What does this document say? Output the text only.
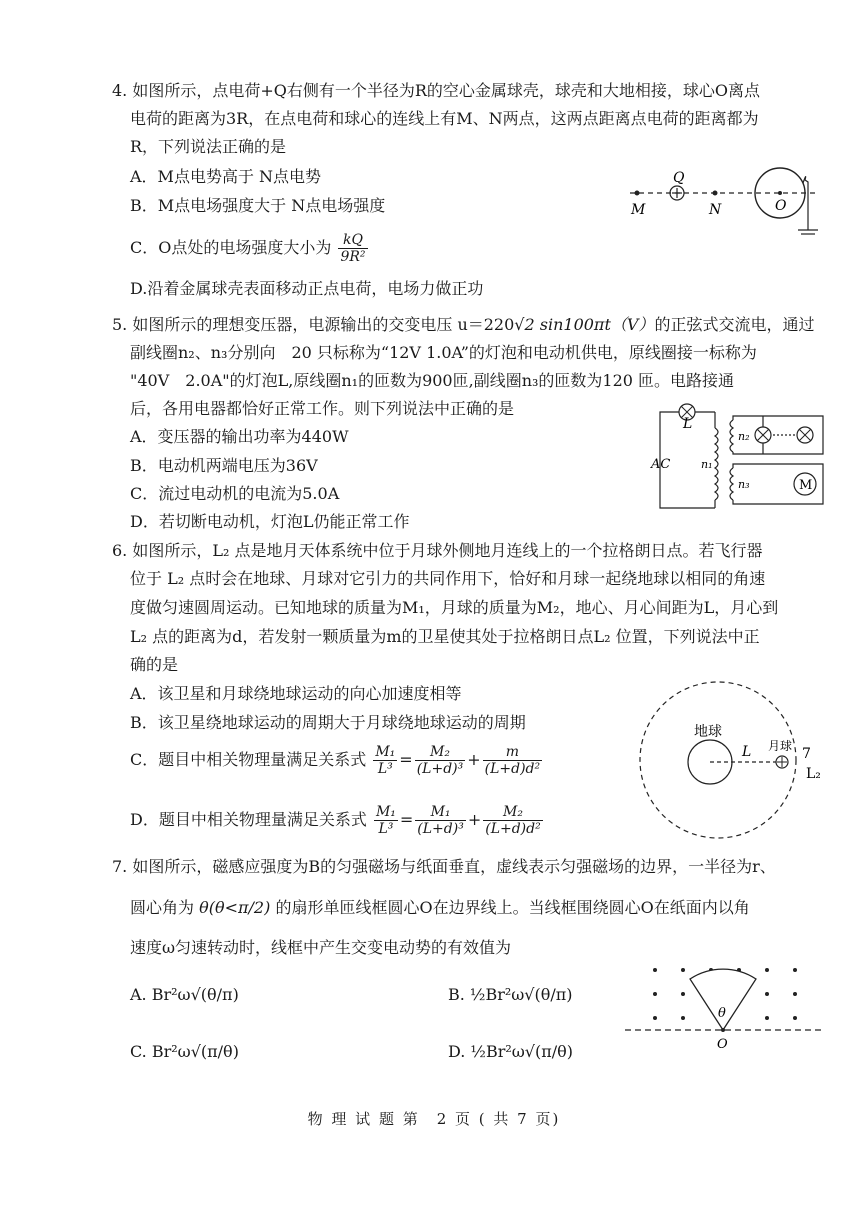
4. 如图所示，点电荷+Q右侧有一个半径为R的空心金属球壳，球壳和大地相接，球心O离点
电荷的距离为3R，在点电荷和球心的连线上有M、N两点，这两点距离点电荷的距离都为
R，下列说法正确的是
A．M点电势高于 N点电势
B．M点电场强度大于 N点电场强度
C．O点处的电场强度大小为 $\frac{kQ}{\text{9R²}}$
D.沿着金属球壳表面移动正点电荷，电场力做正功
Q
M	N	O
5. 如图所示的理想变压器，电源输出的交变电压 u＝220√2 sin100πt（V）的正弦式交流电，通过
副线圈n₂、n₃分别向　20 只标称为“12V 1.0A”的灯泡和电动机供电，原线圈接一标称为
"40V　2.0A"的灯泡L,原线圈n₁的匝数为900匝,副线圈n₃的匝数为120 匝。电路接通
后，各用电器都恰好正常工作。则下列说法中正确的是
A．变压器的输出功率为440W
B．电动机两端电压为36V
C．流过电动机的电流为5.0A
D．若切断电动机，灯泡L仍能正常工作
L
AC	n₁
n₂
n₃	M
6. 如图所示，L₂ 点是地月天体系统中位于月球外侧地月连线上的一个拉格朗日点。若飞行器
位于 L₂ 点时会在地球、月球对它引力的共同作用下，恰好和月球一起绕地球以相同的角速
度做匀速圆周运动。已知地球的质量为M₁，月球的质量为M₂，地心、月心间距为L，月心到
L₂ 点的距离为d，若发射一颗质量为m的卫星使其处于拉格朗日点L₂ 位置，下列说法中正
确的是
A．该卫星和月球绕地球运动的向心加速度相等
B．该卫星绕地球运动的周期大于月球绕地球运动的周期
C．题目中相关物理量满足关系式 $\frac{\text{M₁}}{\text{L³}} = \frac{\text{M₂}}{\text{(L+d)³}} + \frac{m}{\text{(L+d)d²}}$
D．题目中相关物理量满足关系式 $\frac{\text{M₁}}{\text{L³}} = \frac{\text{M₁}}{\text{(L+d)³}} + \frac{\text{M₂}}{\text{(L+d)d²}}$
地球
L 月球 7
L₂
7. 如图所示，磁感应强度为B的匀强磁场与纸面垂直，虚线表示匀强磁场的边界，一半径为r、
圆心角为 θ(θ<π/2) 的扇形单匝线框圆心O在边界线上。当线框围绕圆心O在纸面内以角
速度ω匀速转动时，线框中产生交变电动势的有效值为
A. Br²ω√(θ/π)	B. ½Br²ω√(θ/π)
C. Br²ω√(π/θ)	D. ½Br²ω√(π/θ)
θ
O
物 理 试 题 第　2 页 ( 共 7 页)
